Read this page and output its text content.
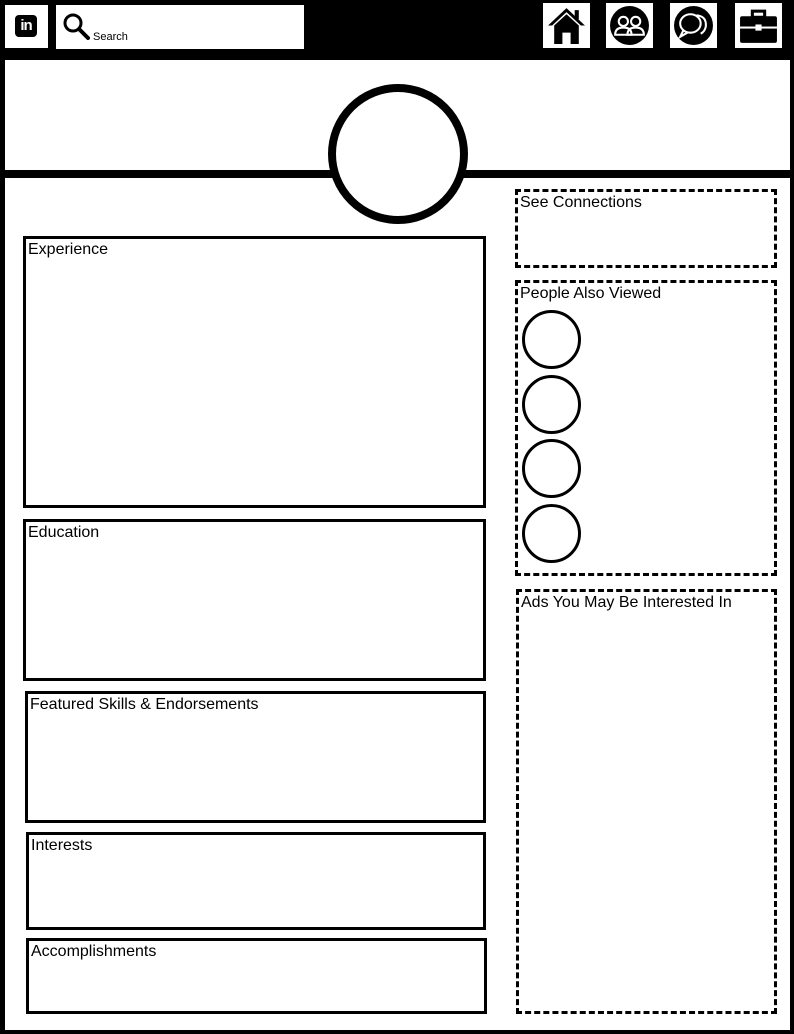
in
Search
Experience
Education
Featured Skills & Endorsements
Interests
Accomplishments
See Connections
People Also Viewed
Ads You May Be Interested In
